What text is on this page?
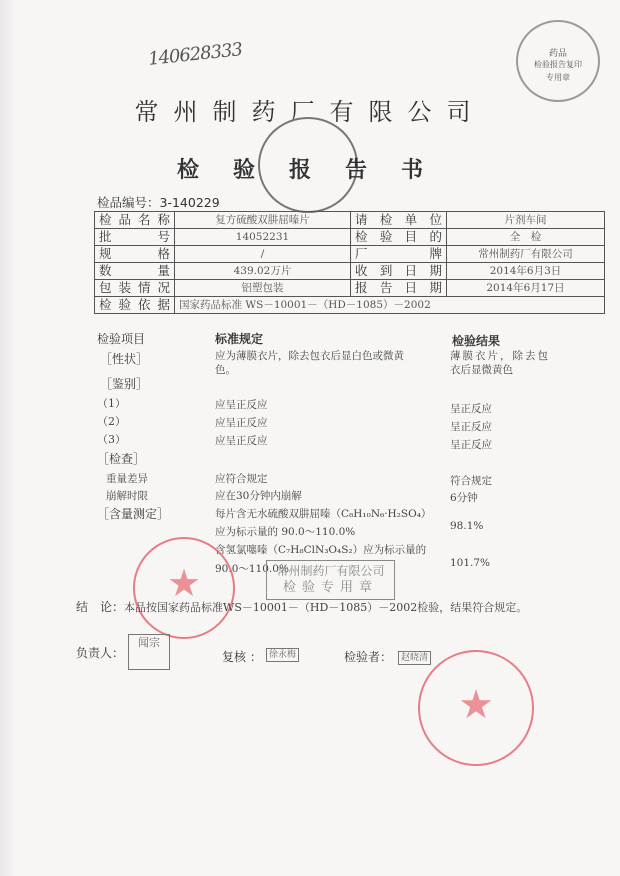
140628333	药品
检验报告复印
专用章
常州制药厂有限公司
检验报告书
检品编号：3-140229
检品名称	复方硫酸双肼屈嗪片	请检单位	片剂车间
批　号	14052231	检验目的	全　检
规　格	/	厂　牌	常州制药厂有限公司
数　量	439.02万片	收到日期	2014年6月3日
包装情况	铝塑包装	报告日期	2014年6月17日
检验依据	国家药品标准 WS－10001－（HD－1085）－2002		
检验项目	标准规定	检验结果
［性状］	应为薄膜衣片，除去包衣后显白色或微黄
色。
薄膜衣片，除去包
衣后显微黄色
［鉴别］
（1）	应呈正反应	呈正反应
（2）	应呈正反应	呈正反应
（3）	应呈正反应	呈正反应
［检查］
重量差异	应符合规定	符合规定
崩解时限	应在30分钟内崩解	6分钟
［含量测定］	每片含无水硫酸双肼屈嗪（C₈H₁₀N₆·H₂SO₄）
应为标示量的 90.0～110.0%	98.1%
含氢氯噻嗪（C₇H₈ClN₃O₄S₂）应为标示量的
90.0～110.0%	101.7%
★	常州制药厂有限公司
检验专用章
结　论：本品按国家药品标准WS－10001－（HD－1085）－2002检验，结果符合规定。
负责人：
闻宗
复核 ： 徐永梅	检验者： 赵晓清
★
